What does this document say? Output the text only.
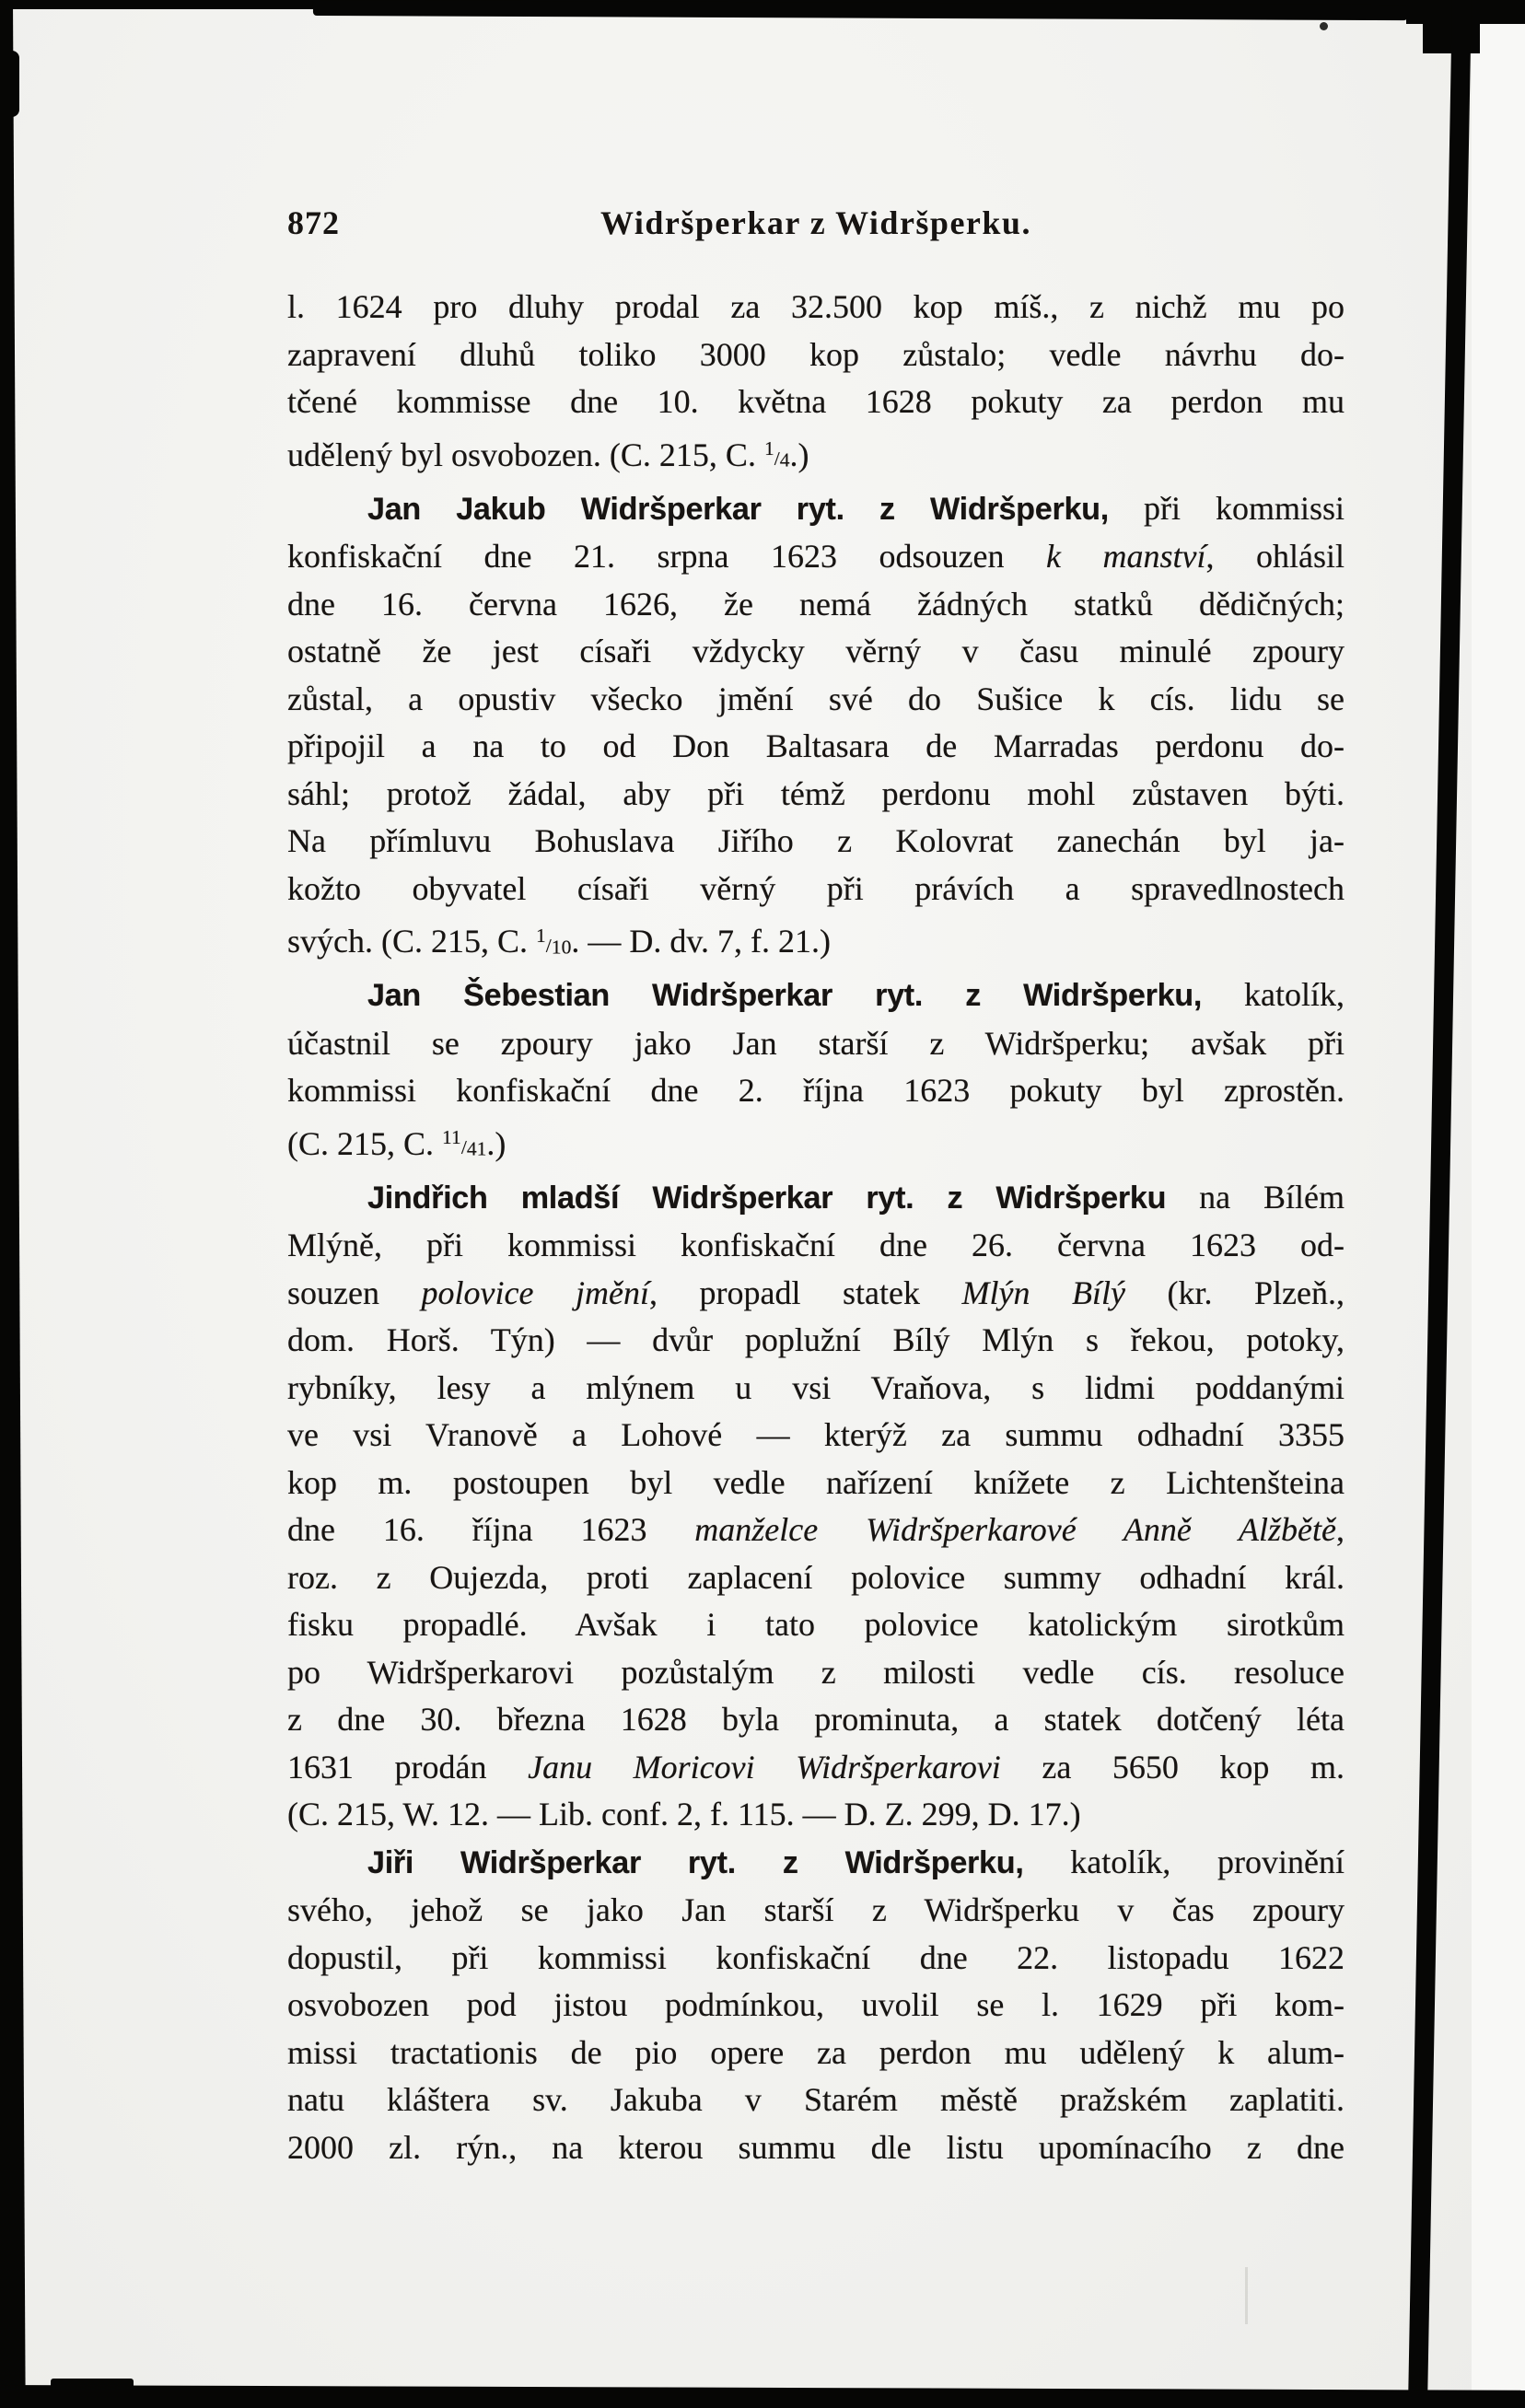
872	Widršperkar z Widršperku.
l. 1624 pro dluhy prodal za 32.500 kop míš., z nichž mu po
zapravení dluhů toliko 3000 kop zůstalo; vedle návrhu do-
tčené kommisse dne 10. května 1628 pokuty za perdon mu
udělený byl osvobozen. (C. 215, C. 1/4.)
Jan Jakub Widršperkar ryt. z Widršperku, při kommissi
konfiskační dne 21. srpna 1623 odsouzen k manství, ohlásil
dne 16. června 1626, že nemá žádných statků dědičných;
ostatně že jest císaři vždycky věrný v času minulé zpoury
zůstal, a opustiv všecko jmění své do Sušice k cís. lidu se
připojil a na to od Don Baltasara de Marradas perdonu do-
sáhl; protož žádal, aby při témž perdonu mohl zůstaven býti.
Na přímluvu Bohuslava Jiřího z Kolovrat zanechán byl ja-
kožto obyvatel císaři věrný při právích a spravedlnostech
svých. (C. 215, C. 1/10. — D. dv. 7, f. 21.)
Jan Šebestian Widršperkar ryt. z Widršperku, katolík,
účastnil se zpoury jako Jan starší z Widršperku; avšak při
kommissi konfiskační dne 2. října 1623 pokuty byl zprostěn.
(C. 215, C. 11/41.)
Jindřich mladší Widršperkar ryt. z Widršperku na Bílém
Mlýně, při kommissi konfiskační dne 26. června 1623 od-
souzen polovice jmění, propadl statek Mlýn Bílý (kr. Plzeň.,
dom. Horš. Týn) — dvůr poplužní Bílý Mlýn s řekou, potoky,
rybníky, lesy a mlýnem u vsi Vraňova, s lidmi poddanými
ve vsi Vranově a Lohové — kterýž za summu odhadní 3355
kop m. postoupen byl vedle nařízení knížete z Lichtenšteina
dne 16. října 1623 manželce Widršperkarové Anně Alžbětě,
roz. z Oujezda, proti zaplacení polovice summy odhadní král.
fisku propadlé. Avšak i tato polovice katolickým sirotkům
po Widršperkarovi pozůstalým z milosti vedle cís. resoluce
z dne 30. března 1628 byla prominuta, a statek dotčený léta
1631 prodán Janu Moricovi Widršperkarovi za 5650 kop m.
(C. 215, W. 12. — Lib. conf. 2, f. 115. — D. Z. 299, D. 17.)
Jiři Widršperkar ryt. z Widršperku, katolík, provinění
svého, jehož se jako Jan starší z Widršperku v čas zpoury
dopustil, při kommissi konfiskační dne 22. listopadu 1622
osvobozen pod jistou podmínkou, uvolil se l. 1629 při kom-
missi tractationis de pio opere za perdon mu udělený k alum-
natu kláštera sv. Jakuba v Starém městě pražském zaplatiti.
2000 zl. rýn., na kterou summu dle listu upomínacího z dne
